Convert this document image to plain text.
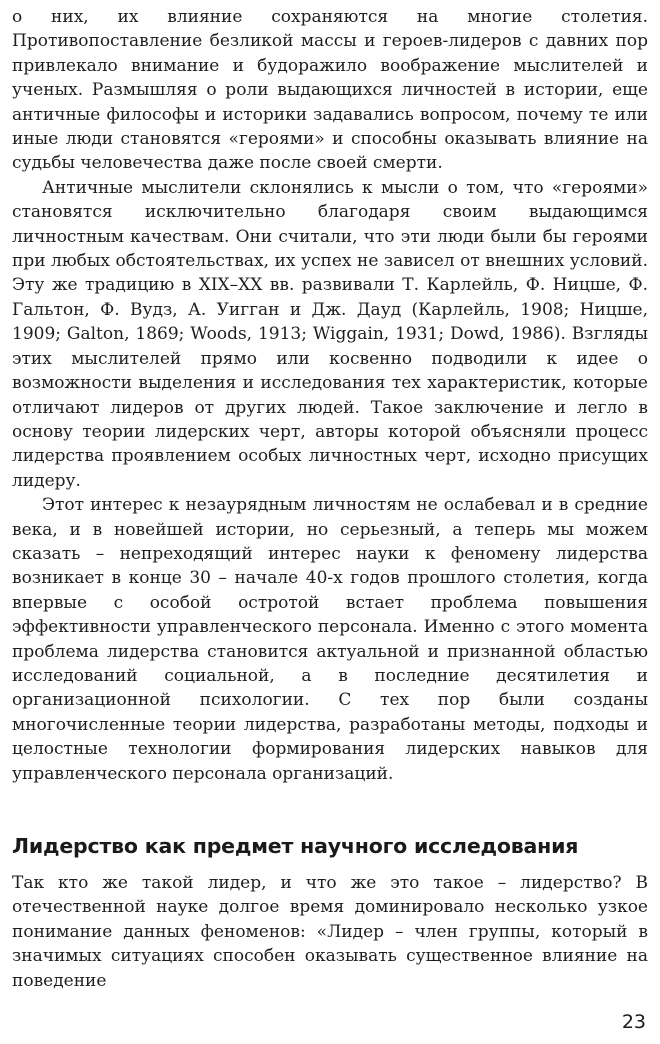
о них, их влияние сохраняются на многие столетия. Противопоставление безликой массы и героев-лидеров с давних пор привлекало внимание и будоражило воображение мыслителей и ученых. Размышляя о роли выдающихся личностей в истории, еще античные философы и историки задавались вопросом, почему те или иные люди становятся «героями» и способны оказывать влияние на судьбы человечества даже после своей смерти.

Античные мыслители склонялись к мысли о том, что «героями» становятся исключительно благодаря своим выдающимся личностным качествам. Они считали, что эти люди были бы героями при любых обстоятельствах, их успех не зависел от внешних условий. Эту же традицию в XIX–XX вв. развивали Т. Карлейль, Ф. Ницше, Ф. Гальтон, Ф. Вудз, А. Уигган и Дж. Дауд (Карлейль, 1908; Ницше, 1909; Galton, 1869; Woods, 1913; Wiggain, 1931; Dowd, 1986). Взгляды этих мыслителей прямо или косвенно подводили к идее о возможности выделения и исследования тех характеристик, которые отличают лидеров от других людей. Такое заключение и легло в основу теории лидерских черт, авторы которой объясняли процесс лидерства проявлением особых личностных черт, исходно присущих лидеру.

Этот интерес к незаурядным личностям не ослабевал и в средние века, и в новейшей истории, но серьезный, а теперь мы можем сказать – непреходящий интерес науки к феномену лидерства возникает в конце 30 – начале 40-х годов прошлого столетия, когда впервые с особой остротой встает проблема повышения эффективности управленческого персонала. Именно с этого момента проблема лидерства становится актуальной и признанной областью исследований социальной, а в последние десятилетия и организационной психологии. С тех пор были созданы многочисленные теории лидерства, разработаны методы, подходы и целостные технологии формирования лидерских навыков для управленческого персонала организаций.

Лидерство как предмет научного исследования

Так кто же такой лидер, и что же это такое – лидерство? В отечественной науке долгое время доминировало несколько узкое понимание данных феноменов: «Лидер – член группы, который в значимых ситуациях способен оказывать существенное влияние на поведение

23
